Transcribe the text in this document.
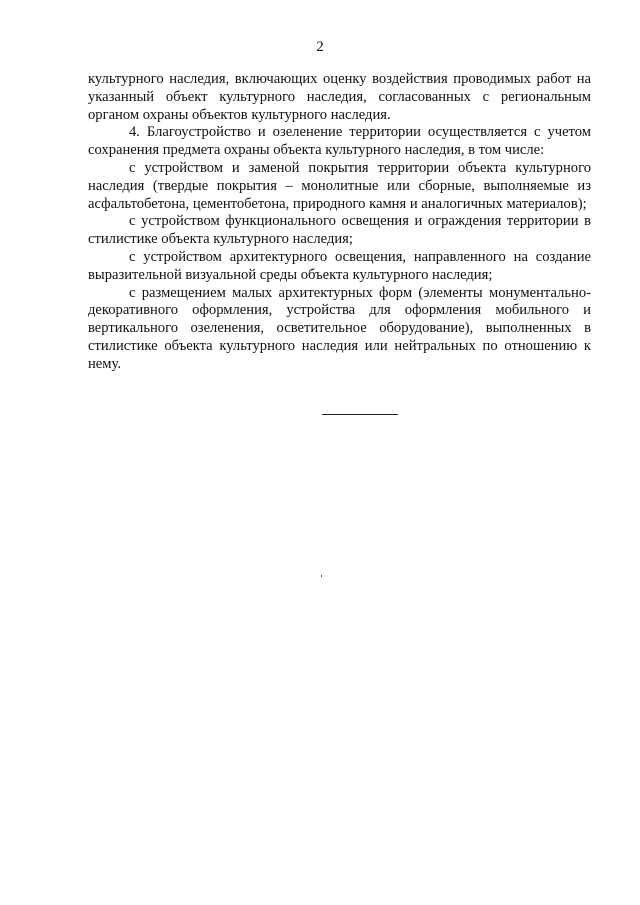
2

культурного наследия, включающих оценку воздействия проводимых работ на указанный объект культурного наследия, согласованных с региональным органом охраны объектов культурного наследия.

4. Благоустройство и озеленение территории осуществляется с учетом сохранения предмета охраны объекта культурного наследия, в том числе:

с устройством и заменой покрытия территории объекта культурного наследия (твердые покрытия – монолитные или сборные, выполняемые из асфальтобетона, цементобетона, природного камня и аналогичных материалов);

с устройством функционального освещения и ограждения территории в стилистике объекта культурного наследия;

с устройством архитектурного освещения, направленного на создание выразительной визуальной среды объекта культурного наследия;

с размещением малых архитектурных форм (элементы монументально-декоративного оформления, устройства для оформления мобильного и вертикального озеленения, осветительное оборудование), выполненных в стилистике объекта культурного наследия или нейтральных по отношению к нему.
